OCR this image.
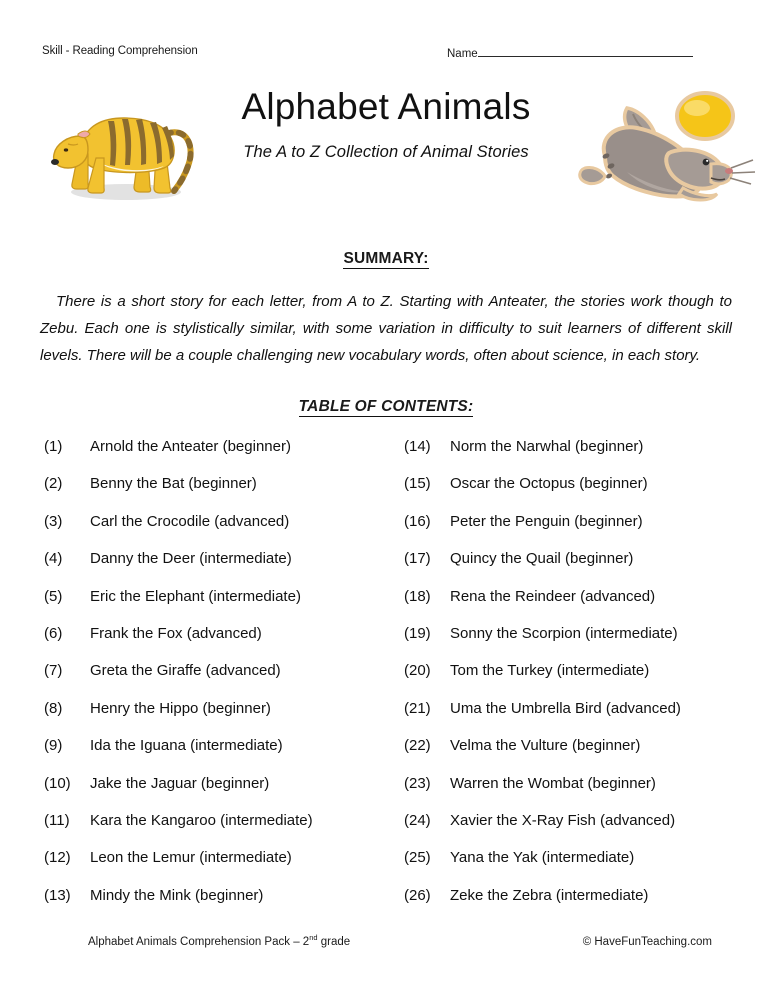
Skill - Reading Comprehension	Name
Alphabet Animals
The A to Z Collection of Animal Stories
SUMMARY:
There is a short story for each letter, from A to Z. Starting with Anteater, the stories work though to Zebu. Each one is stylistically similar, with some variation in difficulty to suit learners of different skill levels. There will be a couple challenging new vocabulary words, often about science, in each story.
TABLE OF CONTENTS:
(1)	Arnold the Anteater (beginner)
(2)	Benny the Bat (beginner)
(3)	Carl the Crocodile (advanced)
(4)	Danny the Deer (intermediate)
(5)	Eric the Elephant (intermediate)
(6)	Frank the Fox (advanced)
(7)	Greta the Giraffe (advanced)
(8)	Henry the Hippo (beginner)
(9)	Ida the Iguana (intermediate)
(10)	Jake the Jaguar (beginner)
(11)	Kara the Kangaroo (intermediate)
(12)	Leon the Lemur (intermediate)
(13)	Mindy the Mink (beginner)
(14)	Norm the Narwhal (beginner)
(15)	Oscar the Octopus (beginner)
(16)	Peter the Penguin (beginner)
(17)	Quincy the Quail (beginner)
(18)	Rena the Reindeer (advanced)
(19)	Sonny the Scorpion (intermediate)
(20)	Tom the Turkey (intermediate)
(21)	Uma the Umbrella Bird (advanced)
(22)	Velma the Vulture (beginner)
(23)	Warren the Wombat (beginner)
(24)	Xavier the X-Ray Fish (advanced)
(25)	Yana the Yak (intermediate)
(26)	Zeke the Zebra (intermediate)
Alphabet Animals Comprehension Pack – 2nd grade	© HaveFunTeaching.com
